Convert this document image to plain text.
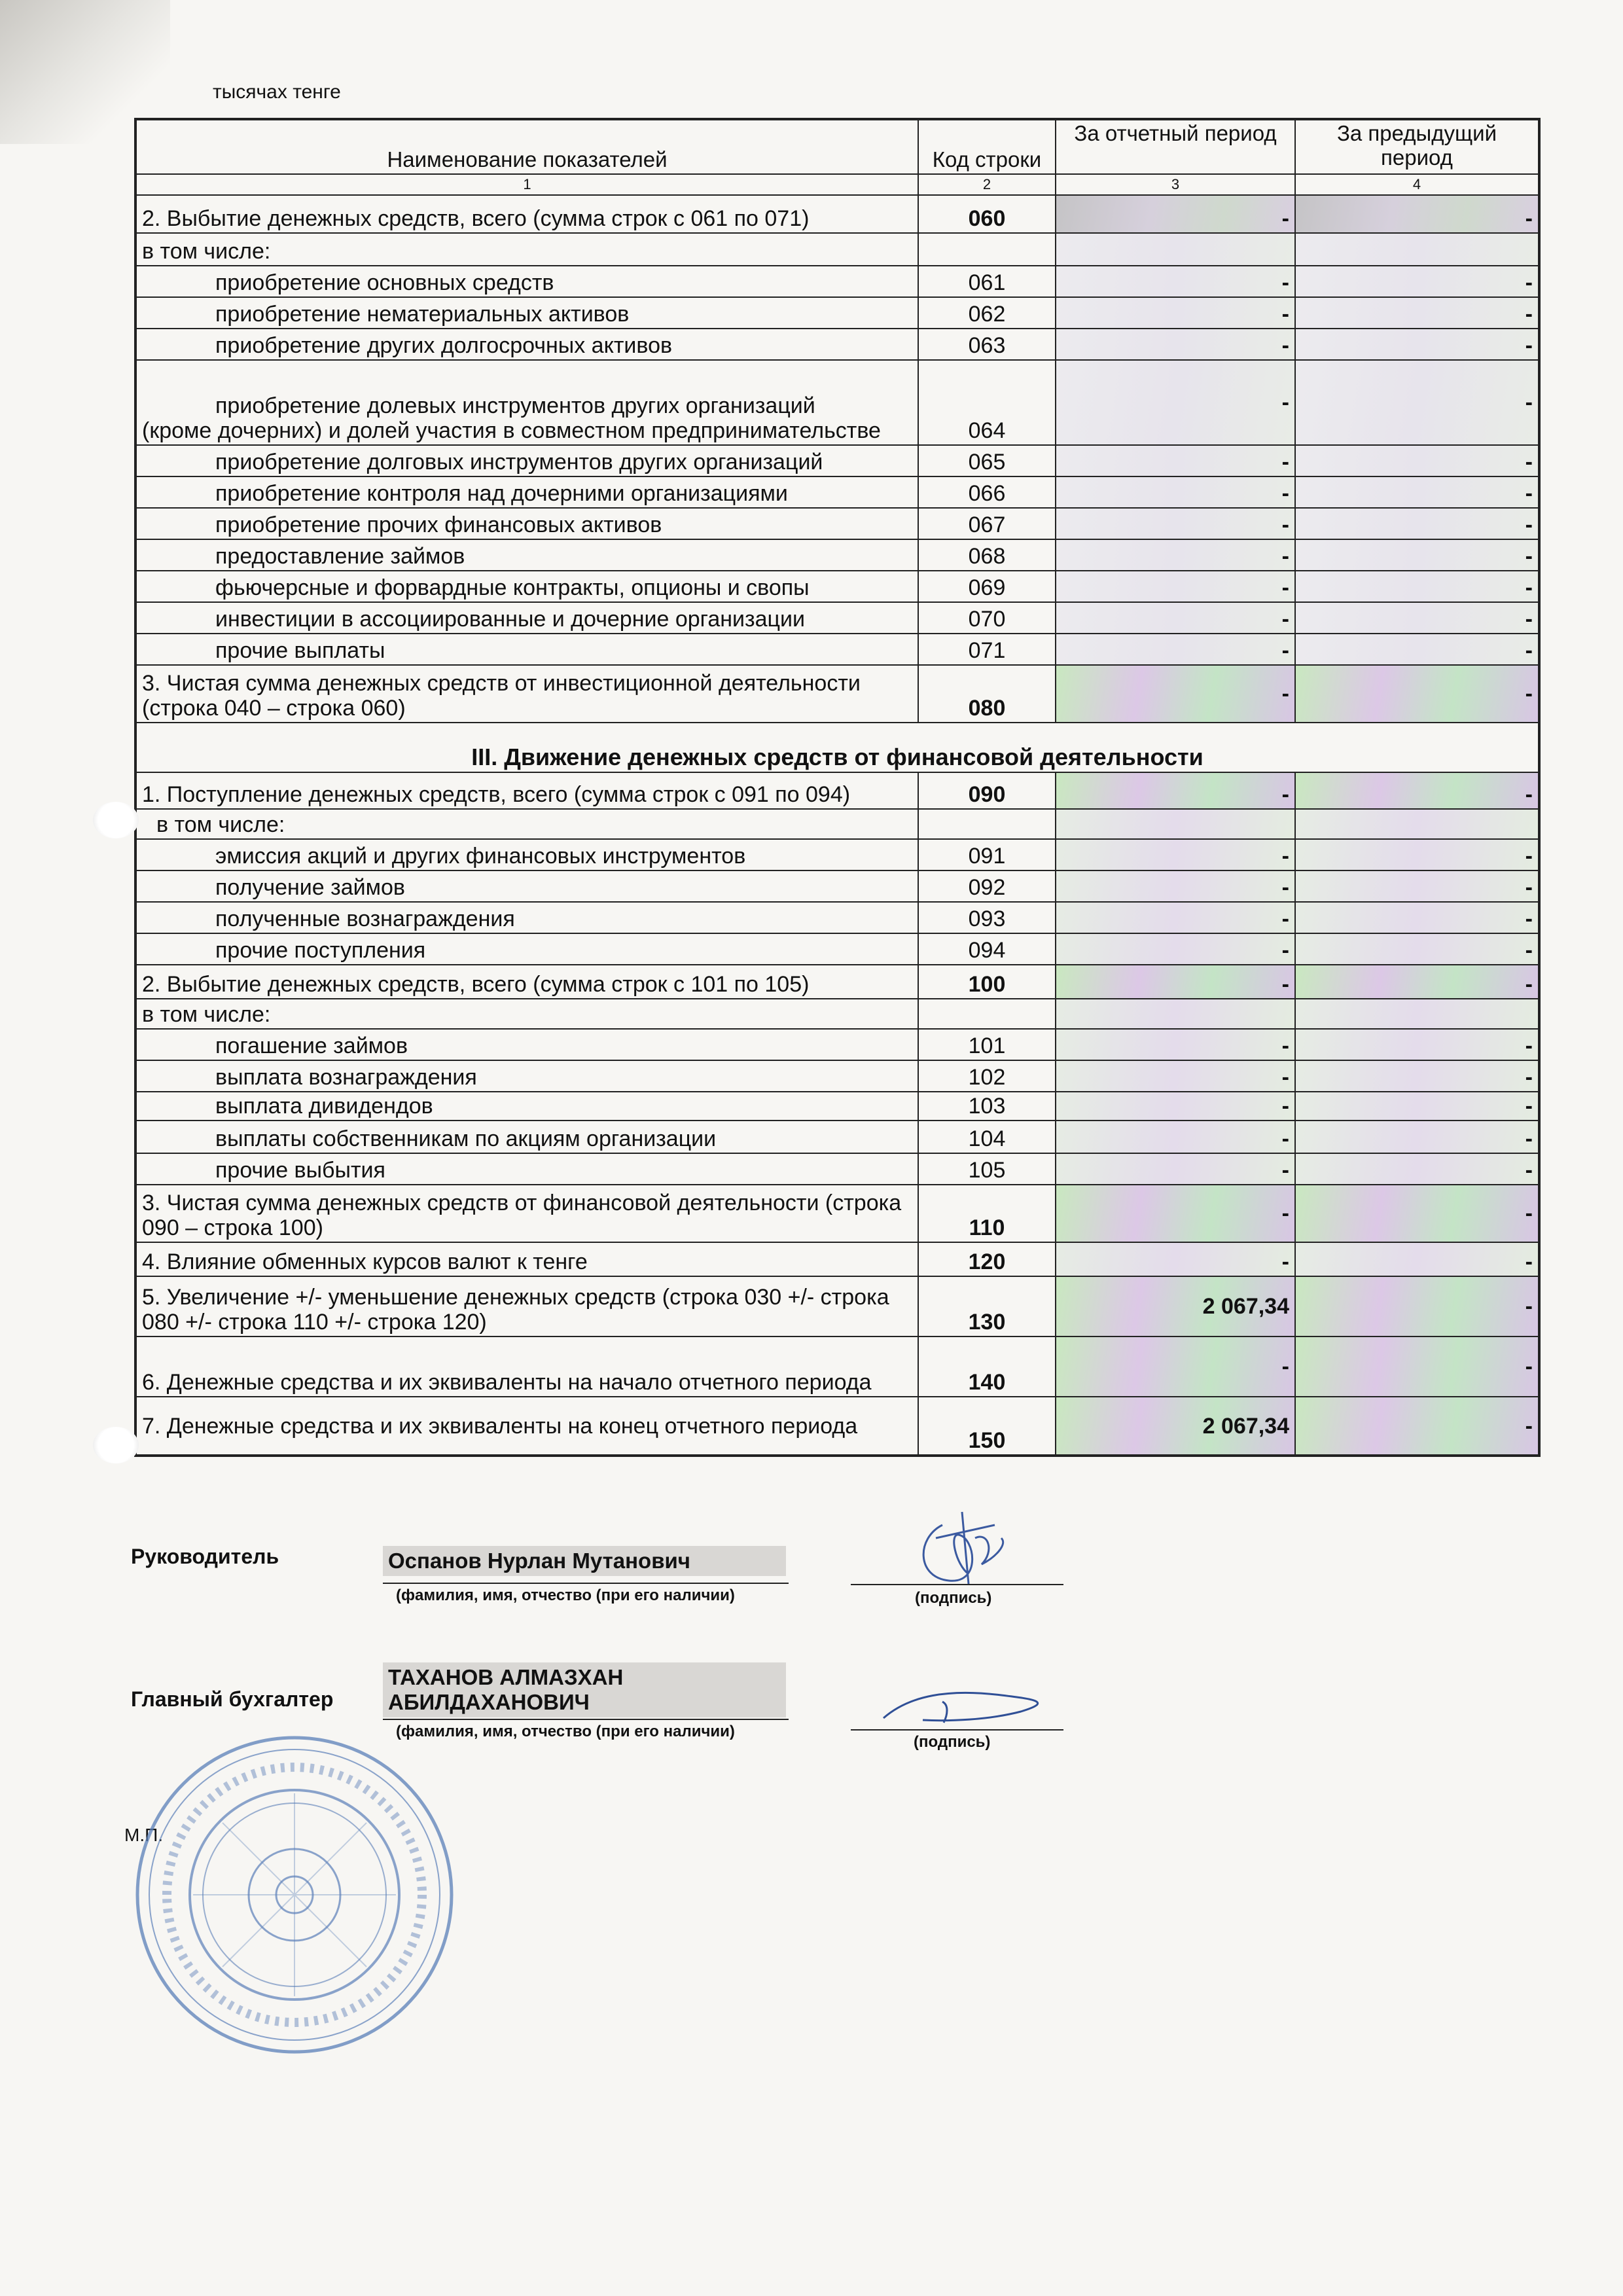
тысячах тенге
Наименование показателей	Код строки	За отчетный период	За предыдущий период
1	2	3	4
2. Выбытие денежных средств, всего (сумма строк с 061 по 071)	060	-	-
в том числе:			
приобретение основных средств	061	-	-
приобретение нематериальных активов	062	-	-
приобретение других долгосрочных активов	063	-	-

приобретение долевых инструментов других организаций
(кроме дочерних) и долей участия в совместном предпринимательстве	064	-	-
приобретение долговых инструментов других организаций	065	-	-
приобретение контроля над дочерними организациями	066	-	-
приобретение прочих финансовых активов	067	-	-
предоставление займов	068	-	-
фьючерсные и форвардные контракты, опционы и свопы	069	-	-
инвестиции в ассоциированные и дочерние организации	070	-	-
прочие выплаты	071	-	-
3. Чистая сумма денежных средств от инвестиционной деятельности (строка 040 – строка 060)	080	-	-
III. Движение денежных средств от финансовой деятельности			
1. Поступление денежных средств, всего (сумма строк с 091 по 094)	090	-	-
в том числе:			
эмиссия акций и других финансовых инструментов	091	-	-
получение займов	092	-	-
полученные вознаграждения	093	-	-
прочие поступления	094	-	-
2. Выбытие денежных средств, всего (сумма строк с 101 по 105)	100	-	-
в том числе:			
погашение займов	101	-	-
выплата вознаграждения	102	-	-
выплата дивидендов	103	-	-
выплаты собственникам по акциям организации	104	-	-
прочие выбытия	105	-	-
3. Чистая сумма денежных средств от финансовой деятельности (строка 090 – строка 100)	110	-	-
4. Влияние обменных курсов валют к тенге	120	-	-
5. Увеличение +/- уменьшение денежных средств (строка 030 +/- строка 080 +/- строка 110 +/- строка 120)	130	2 067,34	-
6. Денежные средства и их эквиваленты на начало отчетного периода	140	-	-
7. Денежные средства и их эквиваленты на конец отчетного периода	150	2 067,34	-
Руководитель	Оспанов Нурлан Мутанович
(фамилия, имя, отчество (при его наличии)	(подпись)
Главный бухгалтер
ТАХАНОВ АЛМАЗХАН
АБИЛДАХАНОВИЧ
(фамилия, имя, отчество (при его наличии)
(подпись)
М.П.
